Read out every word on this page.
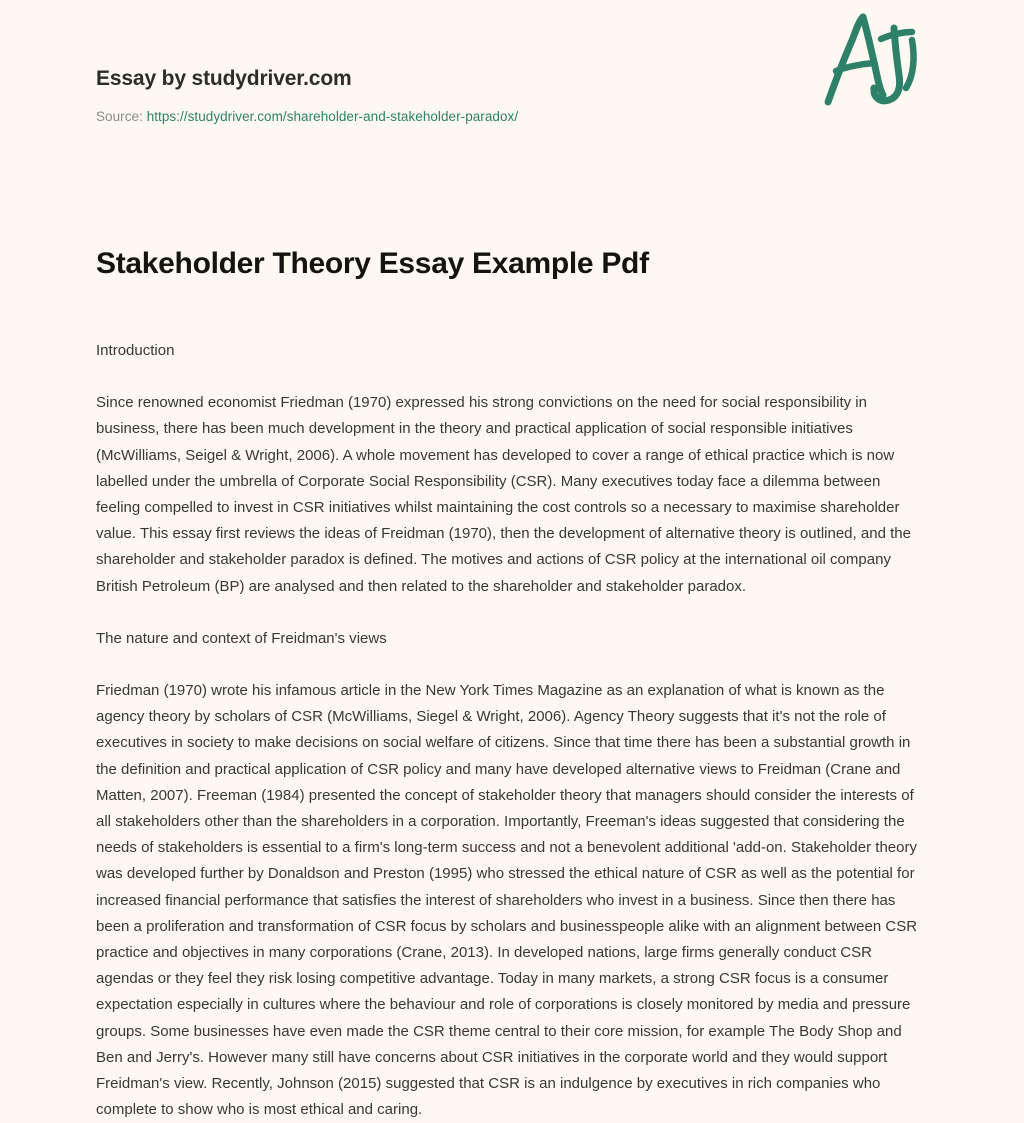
Essay by studydriver.com
Source: https://studydriver.com/shareholder-and-stakeholder-paradox/
Stakeholder Theory Essay Example Pdf

Introduction

Since renowned economist Friedman (1970) expressed his strong convictions on the need for social responsibility in business, there has been much development in the theory and practical application of social responsible initiatives (McWilliams, Seigel & Wright, 2006). A whole movement has developed to cover a range of ethical practice which is now labelled under the umbrella of Corporate Social Responsibility (CSR). Many executives today face a dilemma between feeling compelled to invest in CSR initiatives whilst maintaining the cost controls so a necessary to maximise shareholder value. This essay first reviews the ideas of Freidman (1970), then the development of alternative theory is outlined, and the shareholder and stakeholder paradox is defined. The motives and actions of CSR policy at the international oil company British Petroleum (BP) are analysed and then related to the shareholder and stakeholder paradox.

The nature and context of Freidman's views

Friedman (1970) wrote his infamous article in the New York Times Magazine as an explanation of what is known as the agency theory by scholars of CSR (McWilliams, Siegel & Wright, 2006). Agency Theory suggests that it's not the role of executives in society to make decisions on social welfare of citizens. Since that time there has been a substantial growth in the definition and practical application of CSR policy and many have developed alternative views to Freidman (Crane and Matten, 2007). Freeman (1984) presented the concept of stakeholder theory that managers should consider the interests of all stakeholders other than the shareholders in a corporation. Importantly, Freeman's ideas suggested that considering the needs of stakeholders is essential to a firm's long-term success and not a benevolent additional 'add-on. Stakeholder theory was developed further by Donaldson and Preston (1995) who stressed the ethical nature of CSR as well as the potential for increased financial performance that satisfies the interest of shareholders who invest in a business. Since then there has been a proliferation and transformation of CSR focus by scholars and businesspeople alike with an alignment between CSR practice and objectives in many corporations (Crane, 2013). In developed nations, large firms generally conduct CSR agendas or they feel they risk losing competitive advantage. Today in many markets, a strong CSR focus is a consumer expectation especially in cultures where the behaviour and role of corporations is closely monitored by media and pressure groups. Some businesses have even made the CSR theme central to their core mission, for example The Body Shop and Ben and Jerry's. However many still have concerns about CSR initiatives in the corporate world and they would support Freidman's view. Recently, Johnson (2015) suggested that CSR is an indulgence by executives in rich companies who complete to show who is most ethical and caring.
